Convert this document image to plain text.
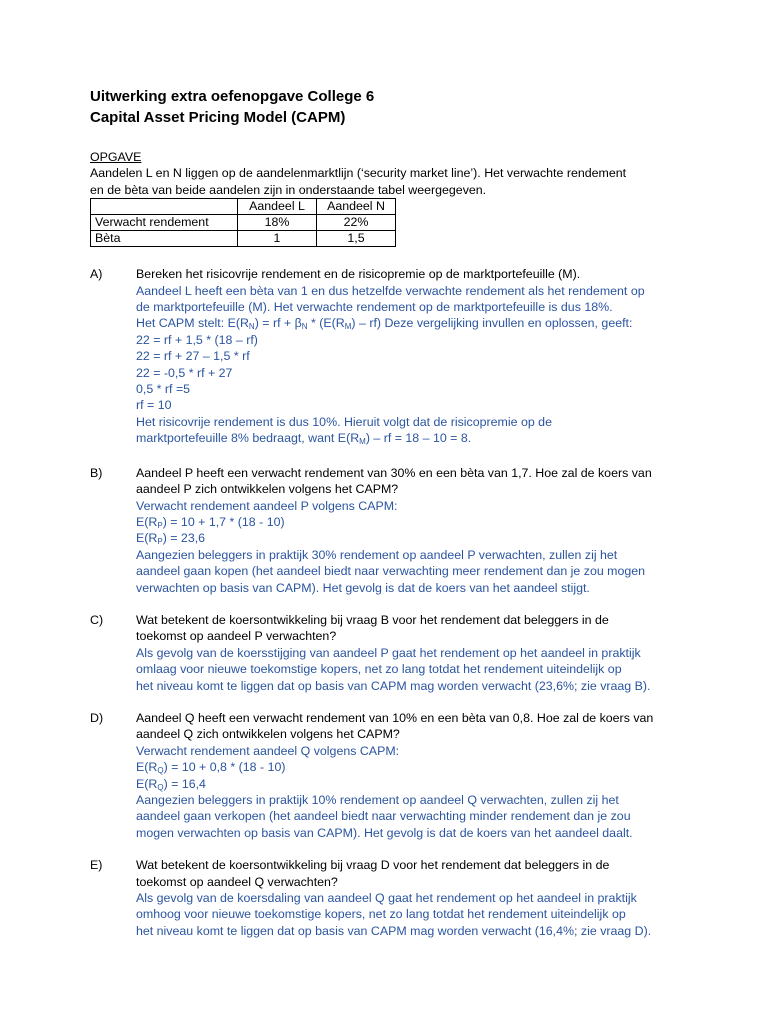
Uitwerking extra oefenopgave College 6
Capital Asset Pricing Model (CAPM)
OPGAVE
Aandelen L en N liggen op de aandelenmarktlijn (‘security market line’). Het verwachte rendement
en de bèta van beide aandelen zijn in onderstaande tabel weergegeven.
	Aandeel L	Aandeel N
Verwacht rendement	18%	22%
Bèta	1	1,5
A)	Bereken het risicovrije rendement en de risicopremie op de marktportefeuille (M).
Aandeel L heeft een bèta van 1 en dus hetzelfde verwachte rendement als het rendement op
de marktportefeuille (M). Het verwachte rendement op de marktportefeuille is dus 18%.
Het CAPM stelt: $E(R_N)$ = rf + $\beta_N * (E(R_M) - rf)$ Deze vergelijking invullen en oplossen, geeft:
22 = rf + 1,5 * (18 – rf)
22 = rf + 27 – 1,5 * rf
22 = -0,5 * rf + 27
0,5 * rf =5
rf = 10
Het risicovrije rendement is dus 10%. Hieruit volgt dat de risicopremie op de
marktportefeuille 8% bedraagt, want $E(R_M)$ – rf = 18 – 10 = 8.
B)	Aandeel P heeft een verwacht rendement van 30% en een bèta van 1,7. Hoe zal de koers van
aandeel P zich ontwikkelen volgens het CAPM?
Verwacht rendement aandeel P volgens CAPM:
$E(R_P) = 10 + 1,7 * (18 - 10)$
$E(R_P) = 23,6$
Aangezien beleggers in praktijk 30% rendement op aandeel P verwachten, zullen zij het
aandeel gaan kopen (het aandeel biedt naar verwachting meer rendement dan je zou mogen
verwachten op basis van CAPM). Het gevolg is dat de koers van het aandeel stijgt.
C)	Wat betekent de koersontwikkeling bij vraag B voor het rendement dat beleggers in de
toekomst op aandeel P verwachten?
Als gevolg van de koersstijging van aandeel P gaat het rendement op het aandeel in praktijk
omlaag voor nieuwe toekomstige kopers, net zo lang totdat het rendement uiteindelijk op
het niveau komt te liggen dat op basis van CAPM mag worden verwacht (23,6%; zie vraag B).
D)	Aandeel Q heeft een verwacht rendement van 10% en een bèta van 0,8. Hoe zal de koers van
aandeel Q zich ontwikkelen volgens het CAPM?
Verwacht rendement aandeel Q volgens CAPM:
$E(R_Q) = 10 + 0,8 * (18 - 10)$
$E(R_Q) = 16,4$
Aangezien beleggers in praktijk 10% rendement op aandeel Q verwachten, zullen zij het
aandeel gaan verkopen (het aandeel biedt naar verwachting minder rendement dan je zou
mogen verwachten op basis van CAPM). Het gevolg is dat de koers van het aandeel daalt.
E)	Wat betekent de koersontwikkeling bij vraag D voor het rendement dat beleggers in de
toekomst op aandeel Q verwachten?
Als gevolg van de koersdaling van aandeel Q gaat het rendement op het aandeel in praktijk
omhoog voor nieuwe toekomstige kopers, net zo lang totdat het rendement uiteindelijk op
het niveau komt te liggen dat op basis van CAPM mag worden verwacht (16,4%; zie vraag D).
